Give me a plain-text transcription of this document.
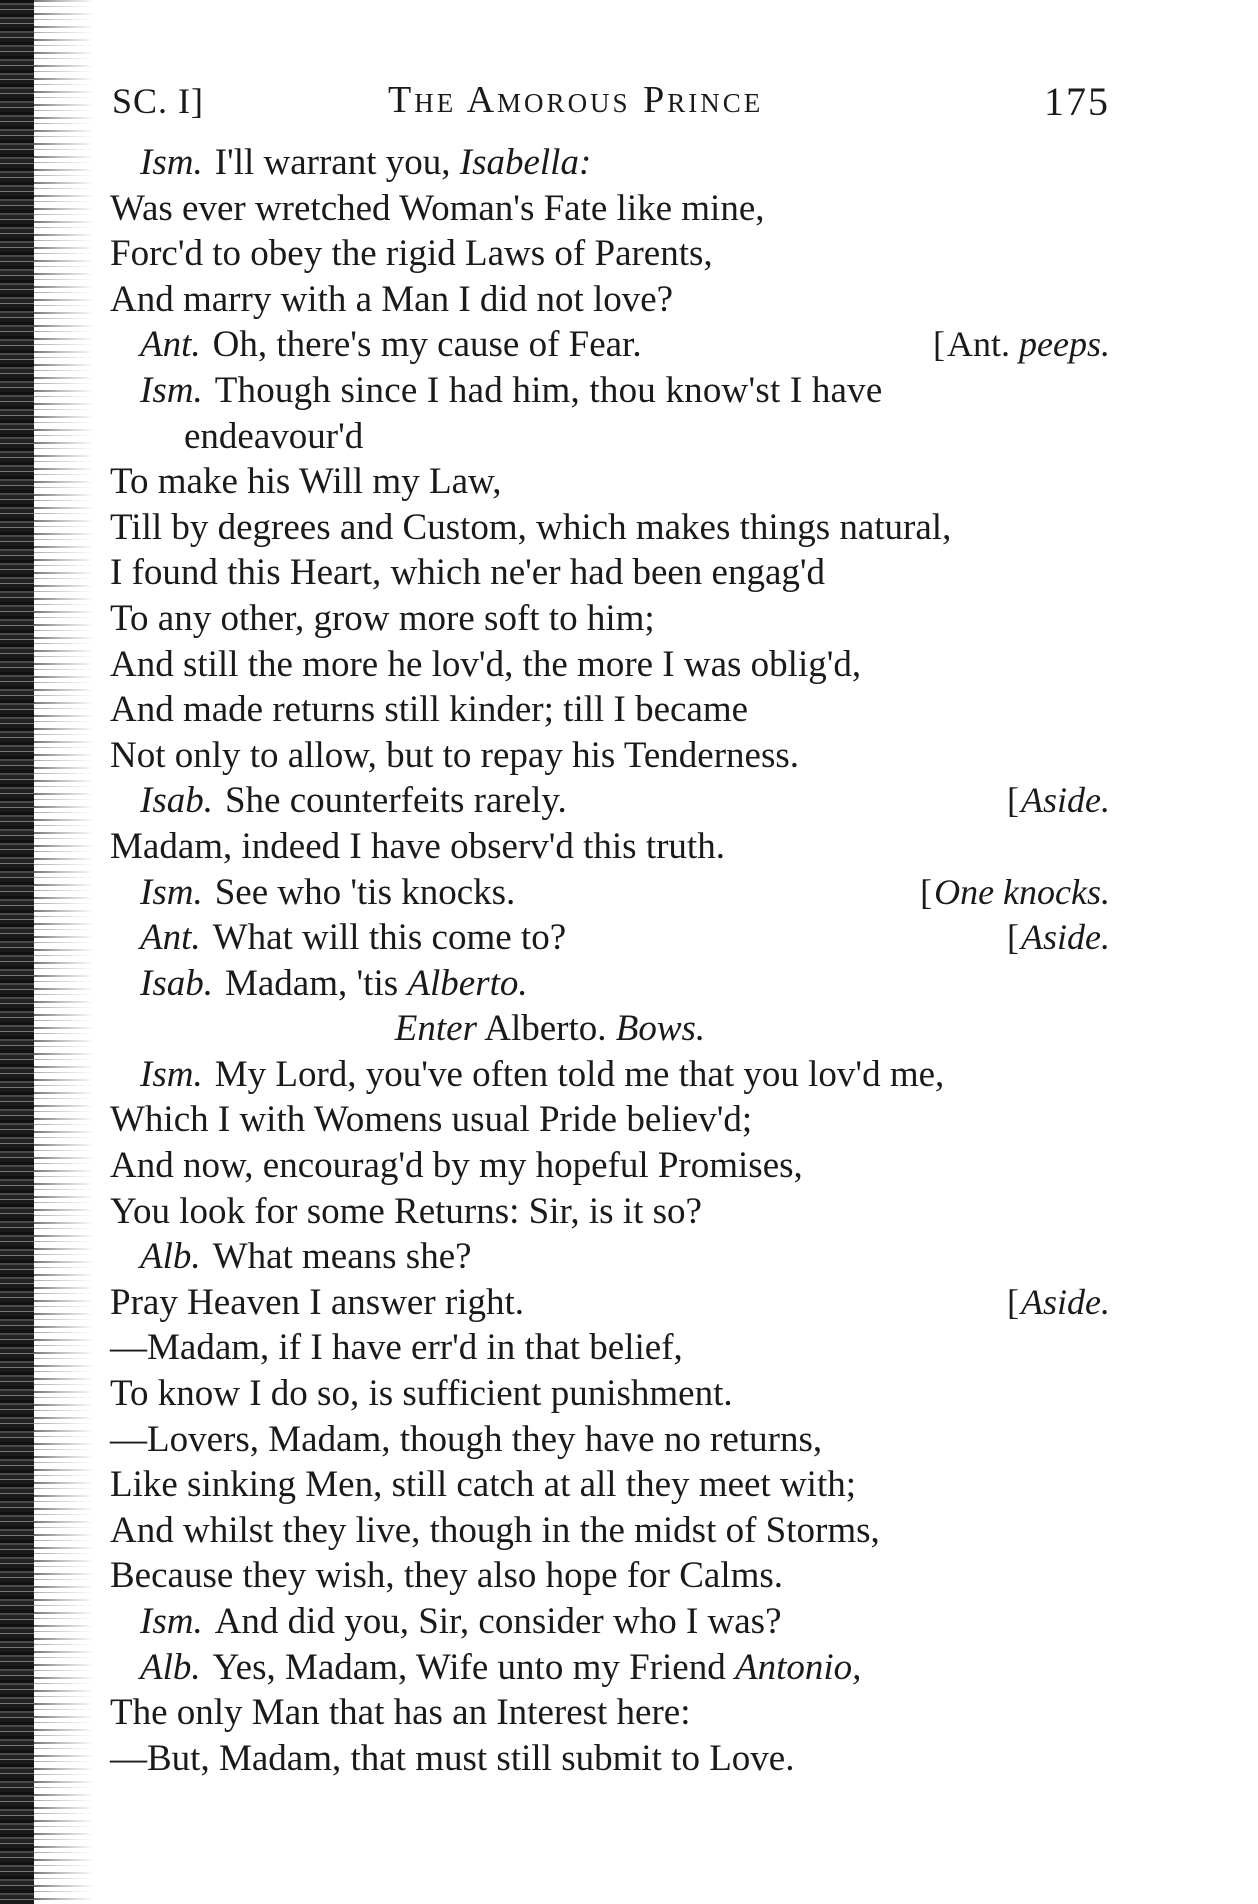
SC. I]	The Amorous Prince	175
Ism. I'll warrant you, Isabella:
Was ever wretched Woman's Fate like mine,
Forc'd to obey the rigid Laws of Parents,
And marry with a Man I did not love?
Ant. Oh, there's my cause of Fear.	[Ant. peeps.
Ism. Though since I had him, thou know'st I have
endeavour'd
To make his Will my Law,
Till by degrees and Custom, which makes things natural,
I found this Heart, which ne'er had been engag'd
To any other, grow more soft to him;
And still the more he lov'd, the more I was oblig'd,
And made returns still kinder; till I became
Not only to allow, but to repay his Tenderness.
Isab. She counterfeits rarely.	[Aside.
Madam, indeed I have observ'd this truth.
Ism. See who 'tis knocks.	[One knocks.
Ant. What will this come to?	[Aside.
Isab. Madam, 'tis Alberto.
Enter Alberto. Bows.
Ism. My Lord, you've often told me that you lov'd me,
Which I with Womens usual Pride believ'd;
And now, encourag'd by my hopeful Promises,
You look for some Returns: Sir, is it so?
Alb. What means she?
Pray Heaven I answer right.	[Aside.
—Madam, if I have err'd in that belief,
To know I do so, is sufficient punishment.
—Lovers, Madam, though they have no returns,
Like sinking Men, still catch at all they meet with;
And whilst they live, though in the midst of Storms,
Because they wish, they also hope for Calms.
Ism. And did you, Sir, consider who I was?
Alb. Yes, Madam, Wife unto my Friend Antonio,
The only Man that has an Interest here:
—But, Madam, that must still submit to Love.
